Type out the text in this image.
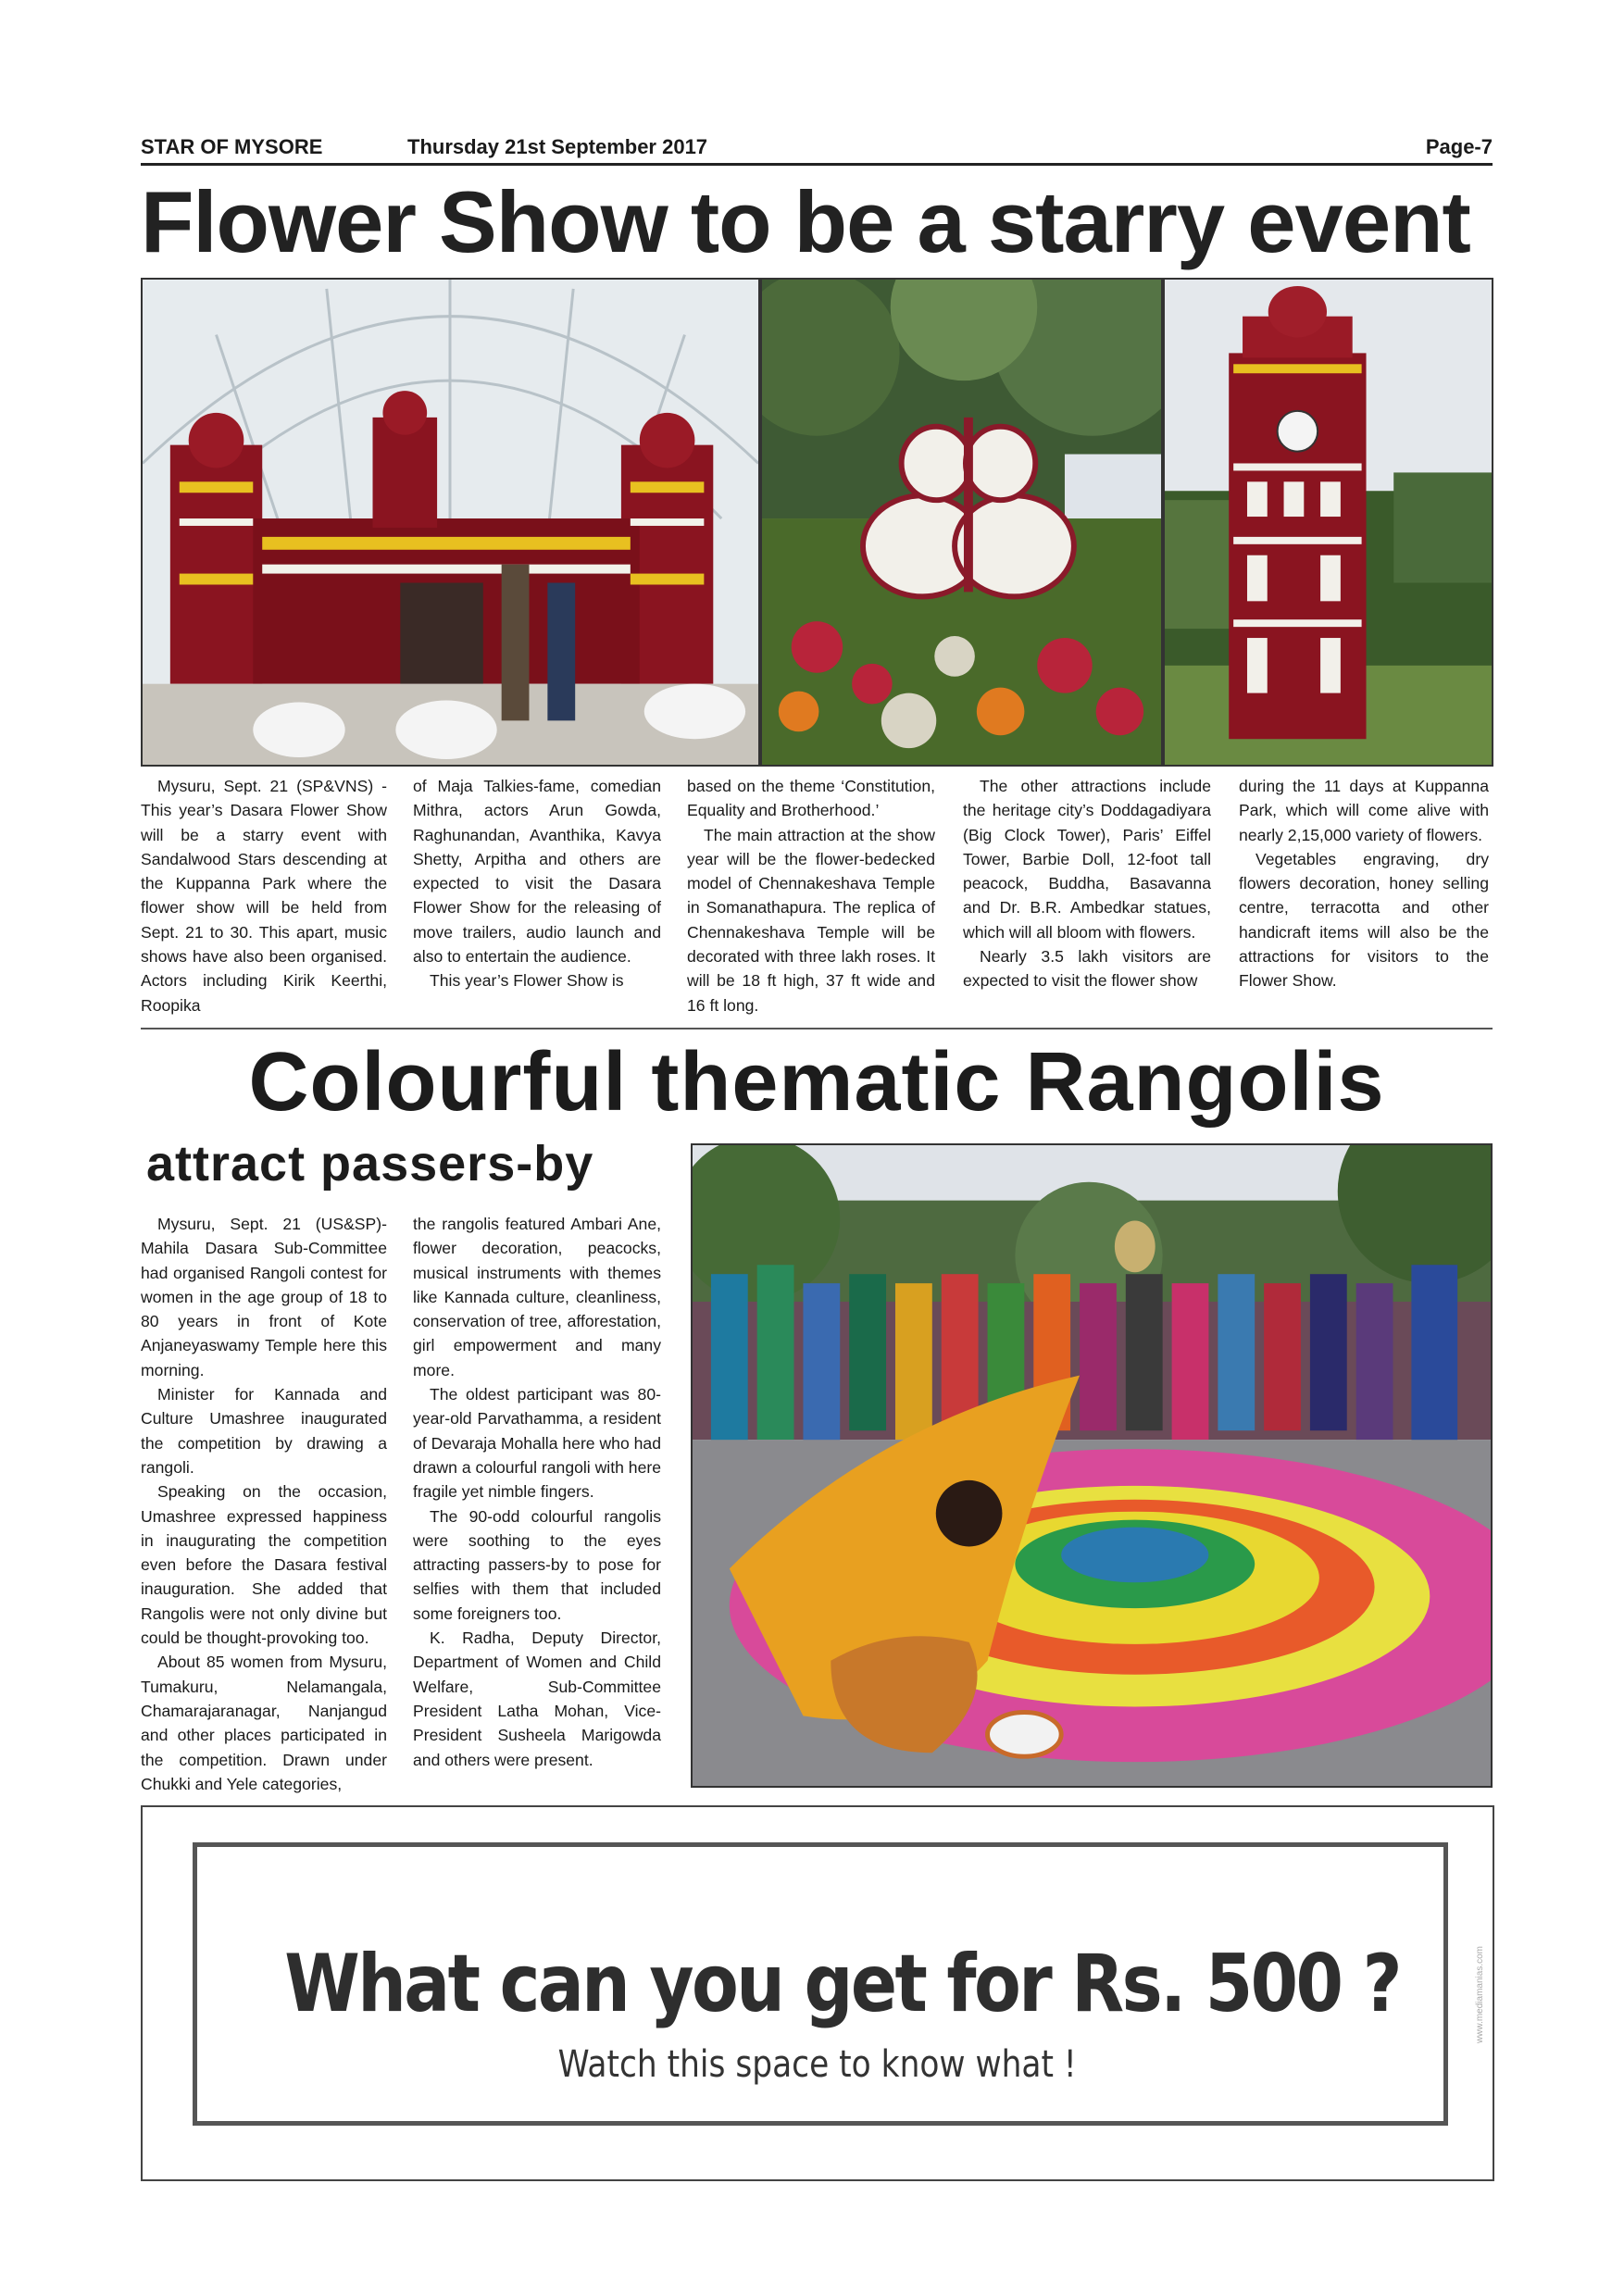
STAR OF MYSORE	Thursday 21st September 2017	Page-7
Flower Show to be a starry event

Mysuru, Sept. 21 (SP&VNS) - This year’s Dasara Flower Show will be a starry event with Sandalwood Stars descending at the Kuppanna Park where the flower show will be held from Sept. 21 to 30. This apart, music shows have also been organised. Actors including Kirik Keerthi, Roopika

of Maja Talkies-fame, comedian Mithra, actors Arun Gowda, Raghunandan, Avanthika, Kavya Shetty, Arpitha and others are expected to visit the Dasara Flower Show for the releasing of move trailers, audio launch and also to entertain the audience.

This year’s Flower Show is

based on the theme ‘Constitution, Equality and Brotherhood.’

The main attraction at the show year will be the flower-bedecked model of Chennakeshava Temple in Somanathapura. The replica of Chennakeshava Temple will be decorated with three lakh roses. It will be 18 ft high, 37 ft wide and 16 ft long.

The other attractions include the heritage city’s Doddagadiyara (Big Clock Tower), Paris’ Eiffel Tower, Barbie Doll, 12-foot tall peacock, Buddha, Basavanna and Dr. B.R. Ambedkar statues, which will all bloom with flowers.

Nearly 3.5 lakh visitors are expected to visit the flower show

during the 11 days at Kuppanna Park, which will come alive with nearly 2,15,000 variety of flowers.

Vegetables engraving, dry flowers decoration, honey selling centre, terracotta and other handicraft items will also be the attractions for visitors to the Flower Show.

Colourful thematic Rangolis
attract passers-by

Mysuru, Sept. 21 (US&SP)- Mahila Dasara Sub-Committee had organised Rangoli contest for women in the age group of 18 to 80 years in front of Kote Anjaneyaswamy Temple here this morning.

Minister for Kannada and Culture Umashree inaugurated the competition by drawing a rangoli.

Speaking on the occasion, Umashree expressed happiness in inaugurating the competition even before the Dasara festival inauguration. She added that Rangolis were not only divine but could be thought-provoking too.

About 85 women from Mysuru, Tumakuru, Nelamangala, Chamarajaranagar, Nanjangud and other places participated in the competition. Drawn under Chukki and Yele categories,

the rangolis featured Ambari Ane, flower decoration, peacocks, musical instruments with themes like Kannada culture, cleanliness, conservation of tree, afforestation, girl empowerment and many more.

The oldest participant was 80-year-old Parvathamma, a resident of Devaraja Mohalla here who had drawn a colourful rangoli with here fragile yet nimble fingers.

The 90-odd colourful rangolis were soothing to the eyes attracting passers-by to pose for selfies with them that included some foreigners too.

K. Radha, Deputy Director, Department of Women and Child Welfare, Sub-Committee President Latha Mohan, Vice-President Susheela Marigowda and others were present.

What can you get for Rs. 500 ?
Watch this space to know what !
www.mediamanias.com
